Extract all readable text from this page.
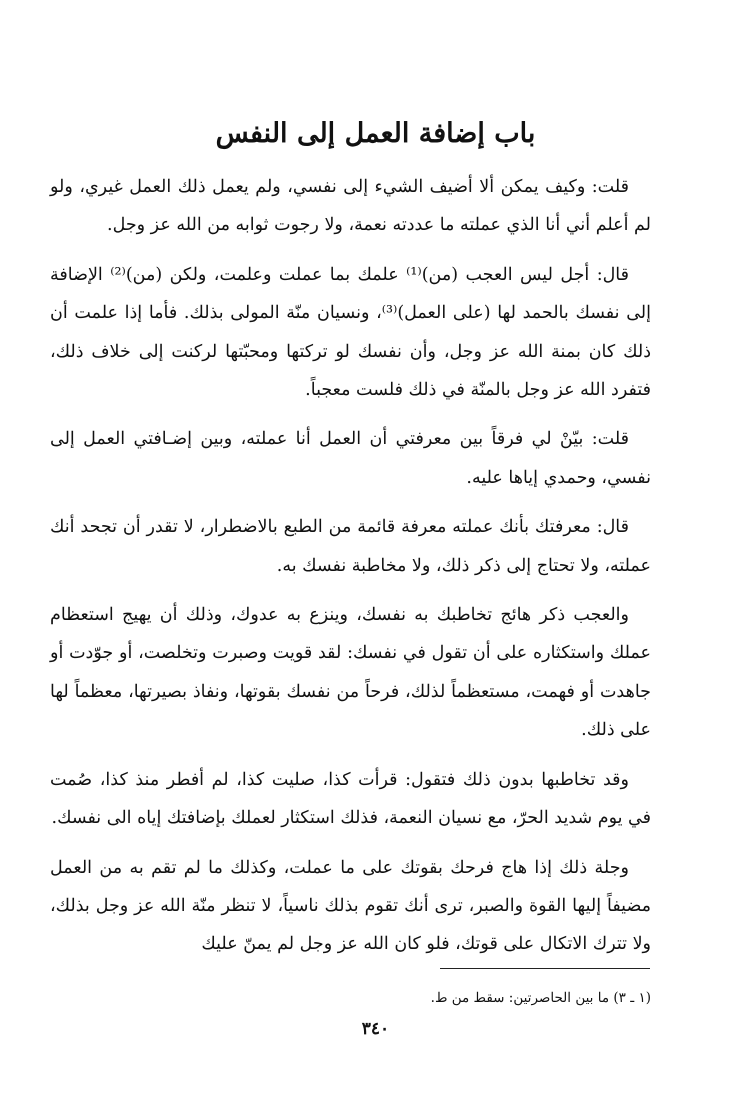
باب إضافة العمل إلى النفس

قلت: وكيف يمكن ألا أضيف الشيء إلى نفسي، ولم يعمل ذلك العمل غيري، ولو لم أعلم أني أنا الذي عملته ما عددته نعمة، ولا رجوت ثوابه من الله عز وجل.

قال: أجل ليس العجب (من)⁽¹⁾ علمك بما عملت وعلمت، ولكن (من)⁽²⁾ الإضافة إلى نفسك بالحمد لها (على العمل)⁽³⁾، ونسيان منّة المولى بذلك. فأما إذا علمت أن ذلك كان بمنة الله عز وجل، وأن نفسك لو تركتها ومحبّتها لركنت إلى خلاف ذلك، فتفرد الله عز وجل بالمنّة في ذلك فلست معجباً.

قلت: بيّنْ لي فرقاً بين معرفتي أن العمل أنا عملته، وبين إضـافتي العمل إلى نفسي، وحمدي إياها عليه.

قال: معرفتك بأنك عملته معرفة قائمة من الطبع بالاضطرار، لا تقدر أن تجحد أنك عملته، ولا تحتاج إلى ذكر ذلك، ولا مخاطبة نفسك به.

والعجب ذكر هائج تخاطبك به نفسك، وينزع به عدوك، وذلك أن يهيج استعظام عملك واستكثاره على أن تقول في نفسك: لقد قويت وصبرت وتخلصت، أو جوّدت أو جاهدت أو فهمت، مستعظماً لذلك، فرحاً من نفسك بقوتها، ونفاذ بصيرتها، معظماً لها على ذلك.

وقد تخاطبها بدون ذلك فتقول: قرأت كذا، صليت كذا، لم أفطر منذ كذا، صُمت في يوم شديد الحرّ، مع نسيان النعمة، فذلك استكثار لعملك بإضافتك إياه الى نفسك.

وجلة ذلك إذا هاج فرحك بقوتك على ما عملت، وكذلك ما لم تقم به من العمل مضيفاً إليها القوة والصبر، ترى أنك تقوم بذلك ناسياً، لا تنظر منّة الله عز وجل بذلك، ولا تترك الاتكال على قوتك، فلو كان الله عز وجل لم يمنّ عليك

(١ ـ ٣) ما بين الحاصرتين: سقط من ط.
٣٤٠
